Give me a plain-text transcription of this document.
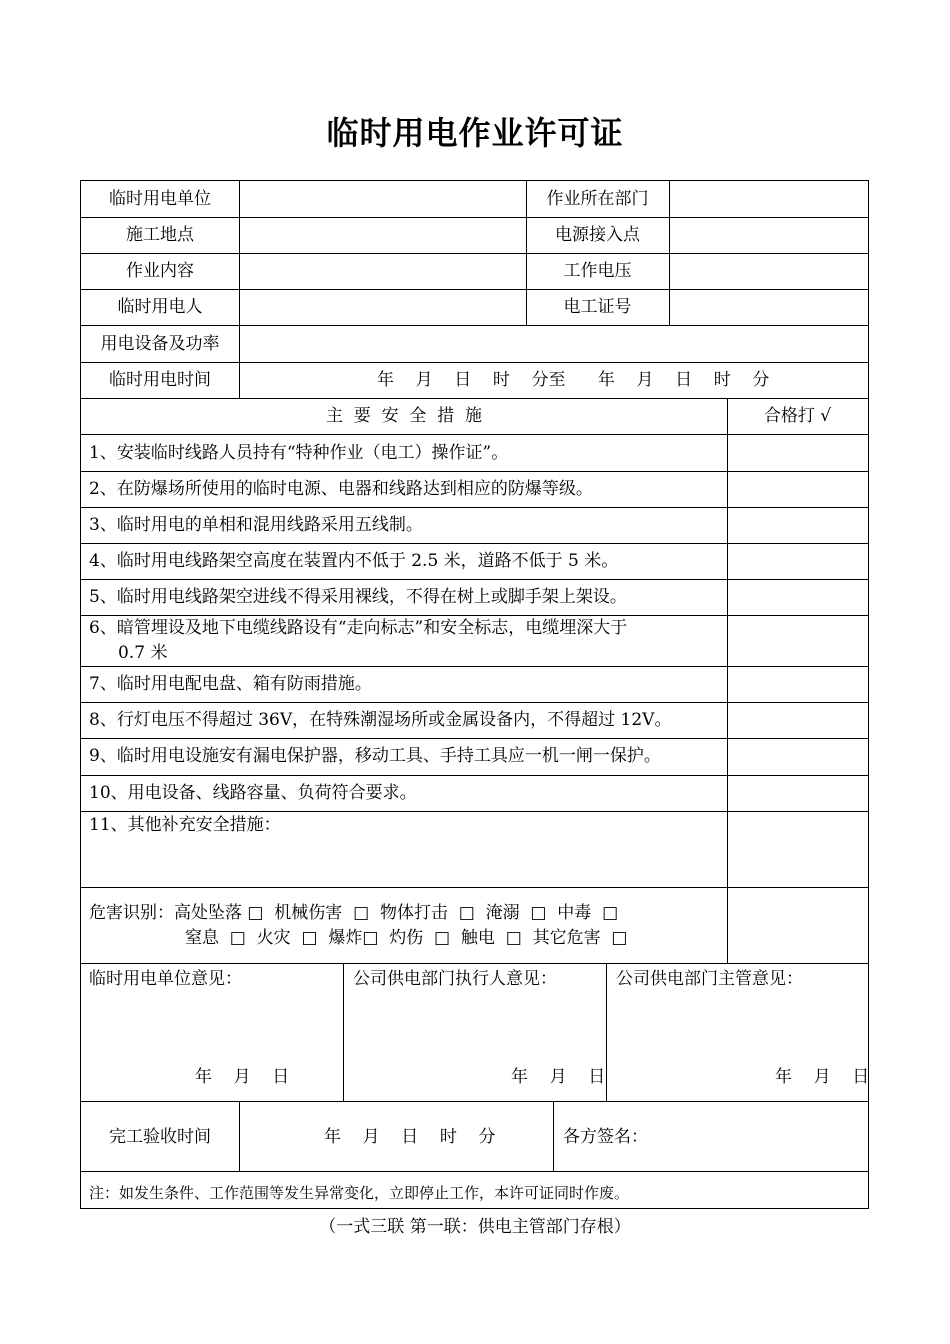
临时用电作业许可证
临时用电单位	作业所在部门
施工地点	电源接入点
作业内容	工作电压
临时用电人	电工证号
用电设备及功率
临时用电时间	年    月    日    时    分至      年    月    日    时    分
主  要  安  全  措  施	合格打 √
1、安装临时线路人员持有“特种作业（电工）操作证”。
2、在防爆场所使用的临时电源、电器和线路达到相应的防爆等级。
3、临时用电的单相和混用线路采用五线制。
4、临时用电线路架空高度在装置内不低于 2.5 米，道路不低于 5 米。
5、临时用电线路架空进线不得采用裸线，不得在树上或脚手架上架设。
6、暗管埋设及地下电缆线路设有“走向标志”和安全标志，电缆埋深大于
0.7 米
7、临时用电配电盘、箱有防雨措施。
8、行灯电压不得超过 36V，在特殊潮湿场所或金属设备内，不得超过 12V。
9、临时用电设施安有漏电保护器，移动工具、手持工具应一机一闸一保护。
10、用电设备、线路容量、负荷符合要求。
11、其他补充安全措施：
危害识别：高处坠落 □  机械伤害  □  物体打击  □  淹溺  □  中毒  □
窒息  □  火灾  □  爆炸□  灼伤  □  触电  □  其它危害  □
临时用电单位意见：	公司供电部门执行人意见：	公司供电部门主管意见：
年    月    日	年    月    日	年    月    日
完工验收时间	年    月    日    时    分	各方签名：
注：如发生条件、工作范围等发生异常变化，立即停止工作，本许可证同时作废。
（一式三联 第一联：供电主管部门存根）
